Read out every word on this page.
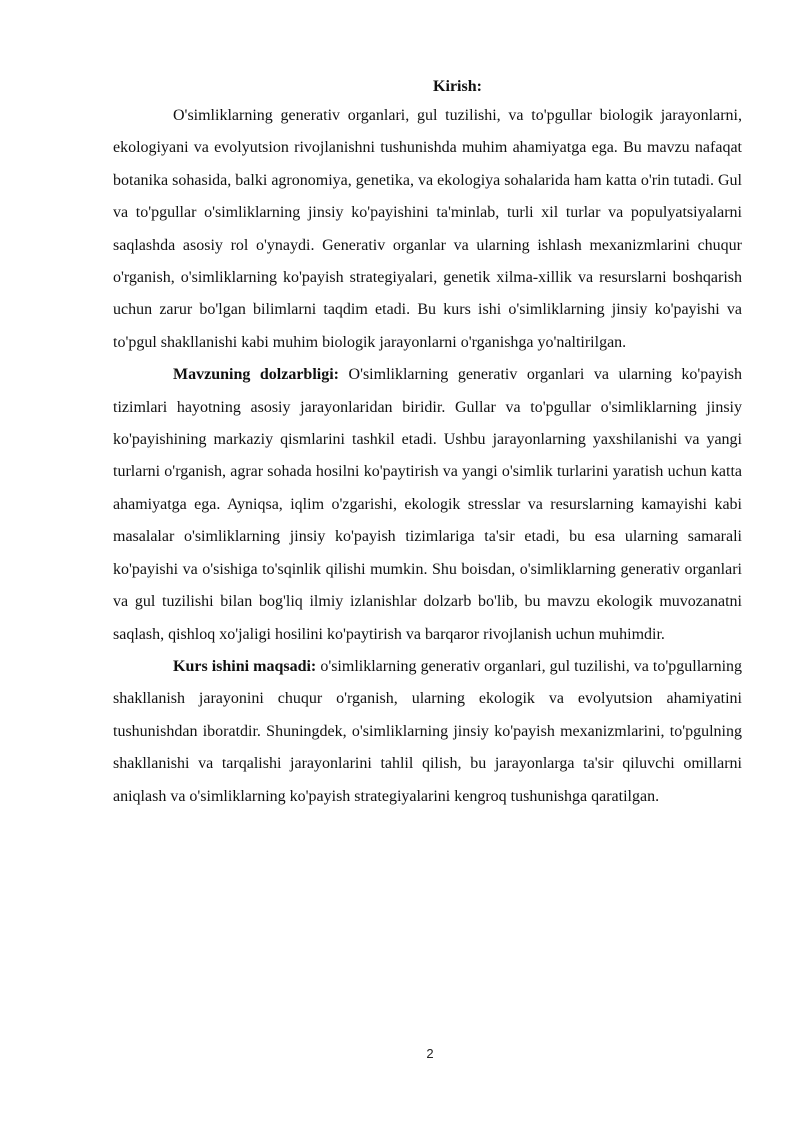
Kirish:

O'simliklarning generativ organlari, gul tuzilishi, va to'pgullar biologik jarayonlarni, ekologiyani va evolyutsion rivojlanishni tushunishda muhim ahamiyatga ega. Bu mavzu nafaqat botanika sohasida, balki agronomiya, genetika, va ekologiya sohalarida ham katta o'rin tutadi. Gul va to'pgullar o'simliklarning jinsiy ko'payishini ta'minlab, turli xil turlar va populyatsiyalarni saqlashda asosiy rol o'ynaydi. Generativ organlar va ularning ishlash mexanizmlarini chuqur o'rganish, o'simliklarning ko'payish strategiyalari, genetik xilma-xillik va resurslarni boshqarish uchun zarur bo'lgan bilimlarni taqdim etadi. Bu kurs ishi o'simliklarning jinsiy ko'payishi va to'pgul shakllanishi kabi muhim biologik jarayonlarni o'rganishga yo'naltirilgan.

Mavzuning dolzarbligi: O'simliklarning generativ organlari va ularning ko'payish tizimlari hayotning asosiy jarayonlaridan biridir. Gullar va to'pgullar o'simliklarning jinsiy ko'payishining markaziy qismlarini tashkil etadi. Ushbu jarayonlarning yaxshilanishi va yangi turlarni o'rganish, agrar sohada hosilni ko'paytirish va yangi o'simlik turlarini yaratish uchun katta ahamiyatga ega. Ayniqsa, iqlim o'zgarishi, ekologik stresslar va resurslarning kamayishi kabi masalalar o'simliklarning jinsiy ko'payish tizimlariga ta'sir etadi, bu esa ularning samarali ko'payishi va o'sishiga to'sqinlik qilishi mumkin. Shu boisdan, o'simliklarning generativ organlari va gul tuzilishi bilan bog'liq ilmiy izlanishlar dolzarb bo'lib, bu mavzu ekologik muvozanatni saqlash, qishloq xo'jaligi hosilini ko'paytirish va barqaror rivojlanish uchun muhimdir.

Kurs ishini maqsadi: o'simliklarning generativ organlari, gul tuzilishi, va to'pgullarning shakllanish jarayonini chuqur o'rganish, ularning ekologik va evolyutsion ahamiyatini tushunishdan iboratdir. Shuningdek, o'simliklarning jinsiy ko'payish mexanizmlarini, to'pgulning shakllanishi va tarqalishi jarayonlarini tahlil qilish, bu jarayonlarga ta'sir qiluvchi omillarni aniqlash va o'simliklarning ko'payish strategiyalarini kengroq tushunishga qaratilgan.

2
